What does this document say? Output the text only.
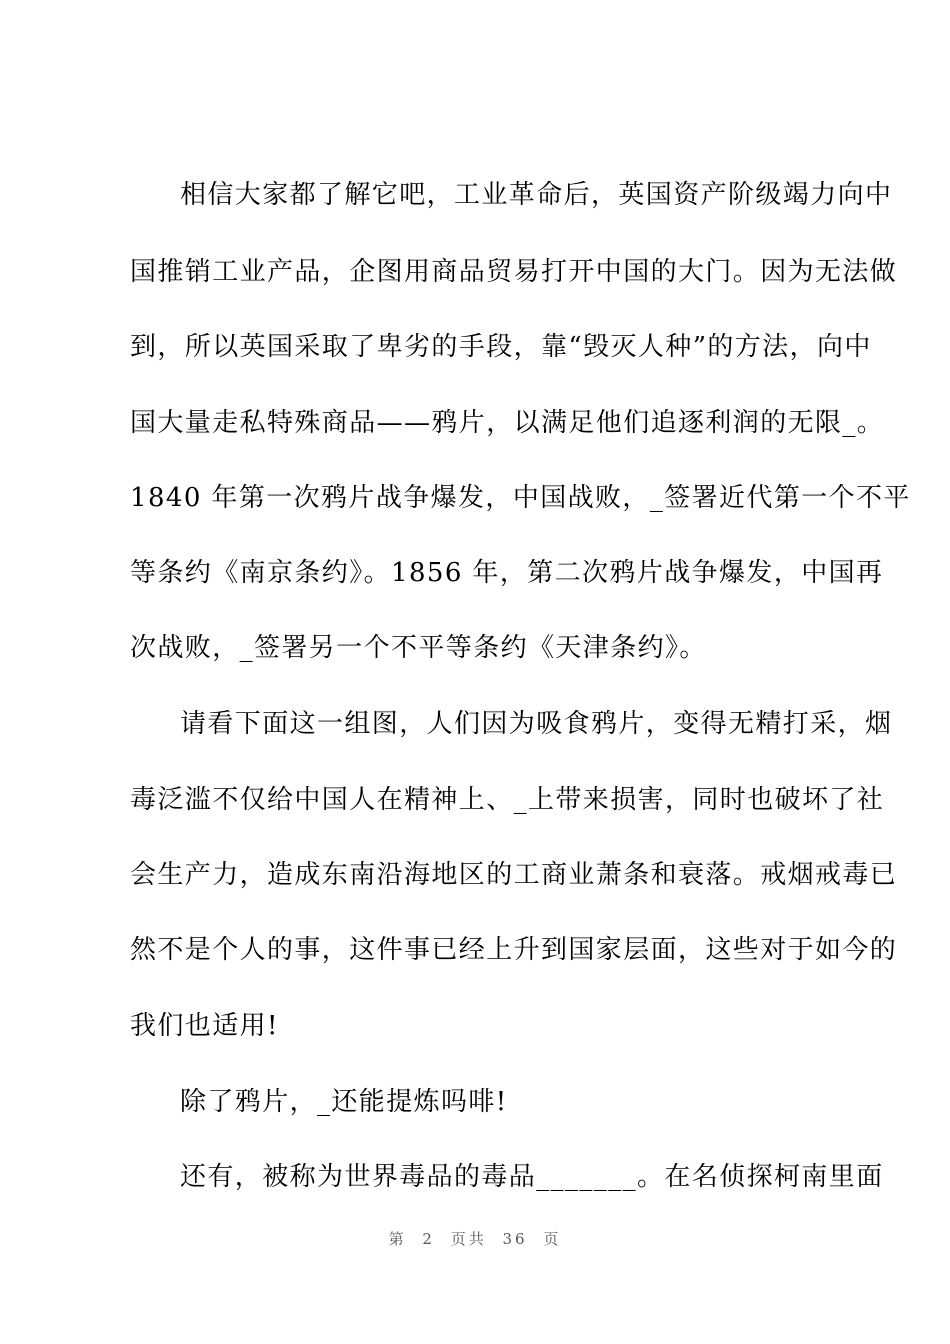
相信大家都了解它吧，工业革命后，英国资产阶级竭力向中
国推销工业产品，企图用商品贸易打开中国的大门。因为无法做
到，所以英国采取了卑劣的手段，靠“毁灭人种”的方法，向中
国大量走私特殊商品——鸦片，以满足他们追逐利润的无限_。
1840 年第一次鸦片战争爆发，中国战败，_签署近代第一个不平
等条约《南京条约》。1856 年，第二次鸦片战争爆发，中国再
次战败，_签署另一个不平等条约《天津条约》。
请看下面这一组图，人们因为吸食鸦片，变得无精打采，烟
毒泛滥不仅给中国人在精神上、_上带来损害，同时也破坏了社
会生产力，造成东南沿海地区的工商业萧条和衰落。戒烟戒毒已
然不是个人的事，这件事已经上升到国家层面，这些对于如今的
我们也适用!
除了鸦片，_还能提炼吗啡!
还有，被称为世界毒品的毒品_______。在名侦探柯南里面
第 2 页共 36 页
